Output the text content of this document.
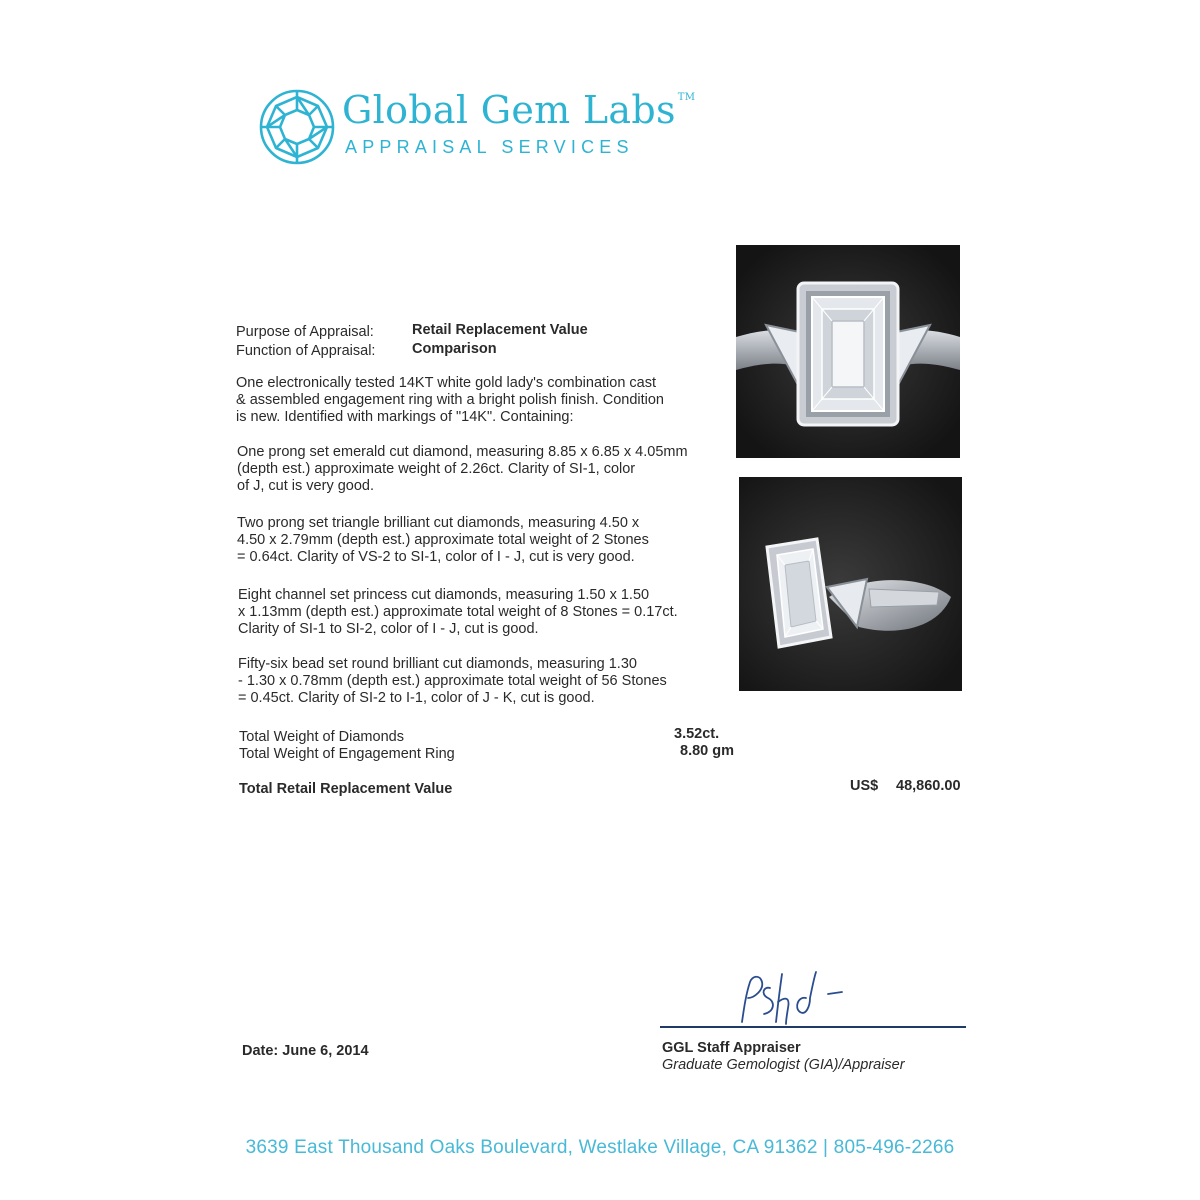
Global Gem Labs ™
APPRAISAL SERVICES
Purpose of Appraisal:	Retail Replacement Value
Function of Appraisal:	Comparison
One electronically tested 14KT white gold lady's combination cast
& assembled engagement ring with a bright polish finish. Condition
is new. Identified with markings of "14K". Containing:
One prong set emerald cut diamond, measuring 8.85 x 6.85 x 4.05mm
(depth est.) approximate weight of 2.26ct. Clarity of SI-1, color
of J, cut is very good.
Two prong set triangle brilliant cut diamonds, measuring 4.50 x
4.50 x 2.79mm (depth est.) approximate total weight of 2 Stones
= 0.64ct. Clarity of VS-2 to SI-1, color of I - J, cut is very good.
Eight channel set princess cut diamonds, measuring 1.50 x 1.50
x 1.13mm (depth est.) approximate total weight of 8 Stones = 0.17ct.
Clarity of SI-1 to SI-2, color of I - J, cut is good.
Fifty-six bead set round brilliant cut diamonds, measuring 1.30
- 1.30 x 0.78mm (depth est.) approximate total weight of 56 Stones
= 0.45ct. Clarity of SI-2 to I-1, color of J - K, cut is good.
Total Weight of Diamonds	3.52ct.
Total Weight of Engagement Ring	8.80 gm
Total Retail Replacement Value	US$ 48,860.00
Date: June 6, 2014	GGL Staff Appraiser
Graduate Gemologist (GIA)/Appraiser
3639 East Thousand Oaks Boulevard, Westlake Village, CA 91362 | 805-496-2266
